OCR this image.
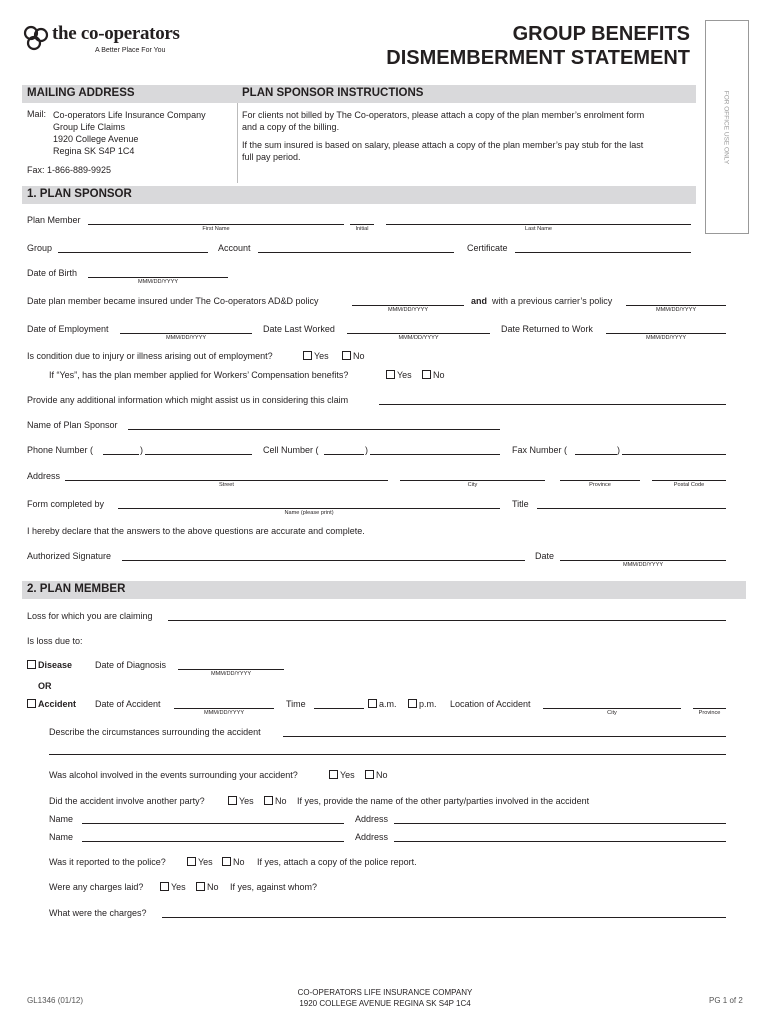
the co-operators
A Better Place For You
GROUP BENEFITS
DISMEMBERMENT STATEMENT
FOR OFFICE USE ONLY
MAILING ADDRESS	PLAN SPONSOR INSTRUCTIONS
Mail: Co-operators Life Insurance Company
Group Life Claims
1920 College Avenue
Regina SK S4P 1C4
Fax: 1-866-889-9925
For clients not billed by The Co-operators, please attach a copy of the plan member’s enrolment form
and a copy of the billing.
If the sum insured is based on salary, please attach a copy of the plan member’s pay stub for the last
full pay period.
1. PLAN SPONSOR
Plan Member
First Name	Initial	Last Name
Group	Account	Certificate
Date of Birth
MMM/DD/YYYY
Date plan member became insured under The Co-operators AD&D policy
MMM/DD/YYYY
and with a previous carrier’s policy
MMM/DD/YYYY
Date of Employment
MMM/DD/YYYY
Date Last Worked
MMM/DD/YYYY
Date Returned to Work
MMM/DD/YYYY
Is condition due to injury or illness arising out of employment?	Yes	No
If “Yes”, has the plan member applied for Workers’ Compensation benefits?	Yes	No
Provide any additional information which might assist us in considering this claim
Name of Plan Sponsor
Phone Number (	)	Cell Number (	)	Fax Number (	)
Address
Street	City	Province	Postal Code
Form completed by
Name (please print)
Title
I hereby declare that the answers to the above questions are accurate and complete.
Authorized Signature	Date
MMM/DD/YYYY
2. PLAN MEMBER
Loss for which you are claiming
Is loss due to:
Disease	Date of Diagnosis
MMM/DD/YYYY
OR
Accident Date of Accident
MMM/DD/YYYY
Time	a.m.	p.m. Location of Accident
City	Province
Describe the circumstances surrounding the accident
Was alcohol involved in the events surrounding your accident?	Yes	No
Did the accident involve another party?	Yes	No If yes, provide the name of the other party/parties involved in the accident
Name	Address
Name	Address
Was it reported to the police?	Yes	No If yes, attach a copy of the police report.
Were any charges laid?	Yes	No If yes, against whom?
What were the charges?
GL1346 (01/12)
CO-OPERATORS LIFE INSURANCE COMPANY
1920 COLLEGE AVENUE REGINA SK S4P 1C4	PG 1 of 2
